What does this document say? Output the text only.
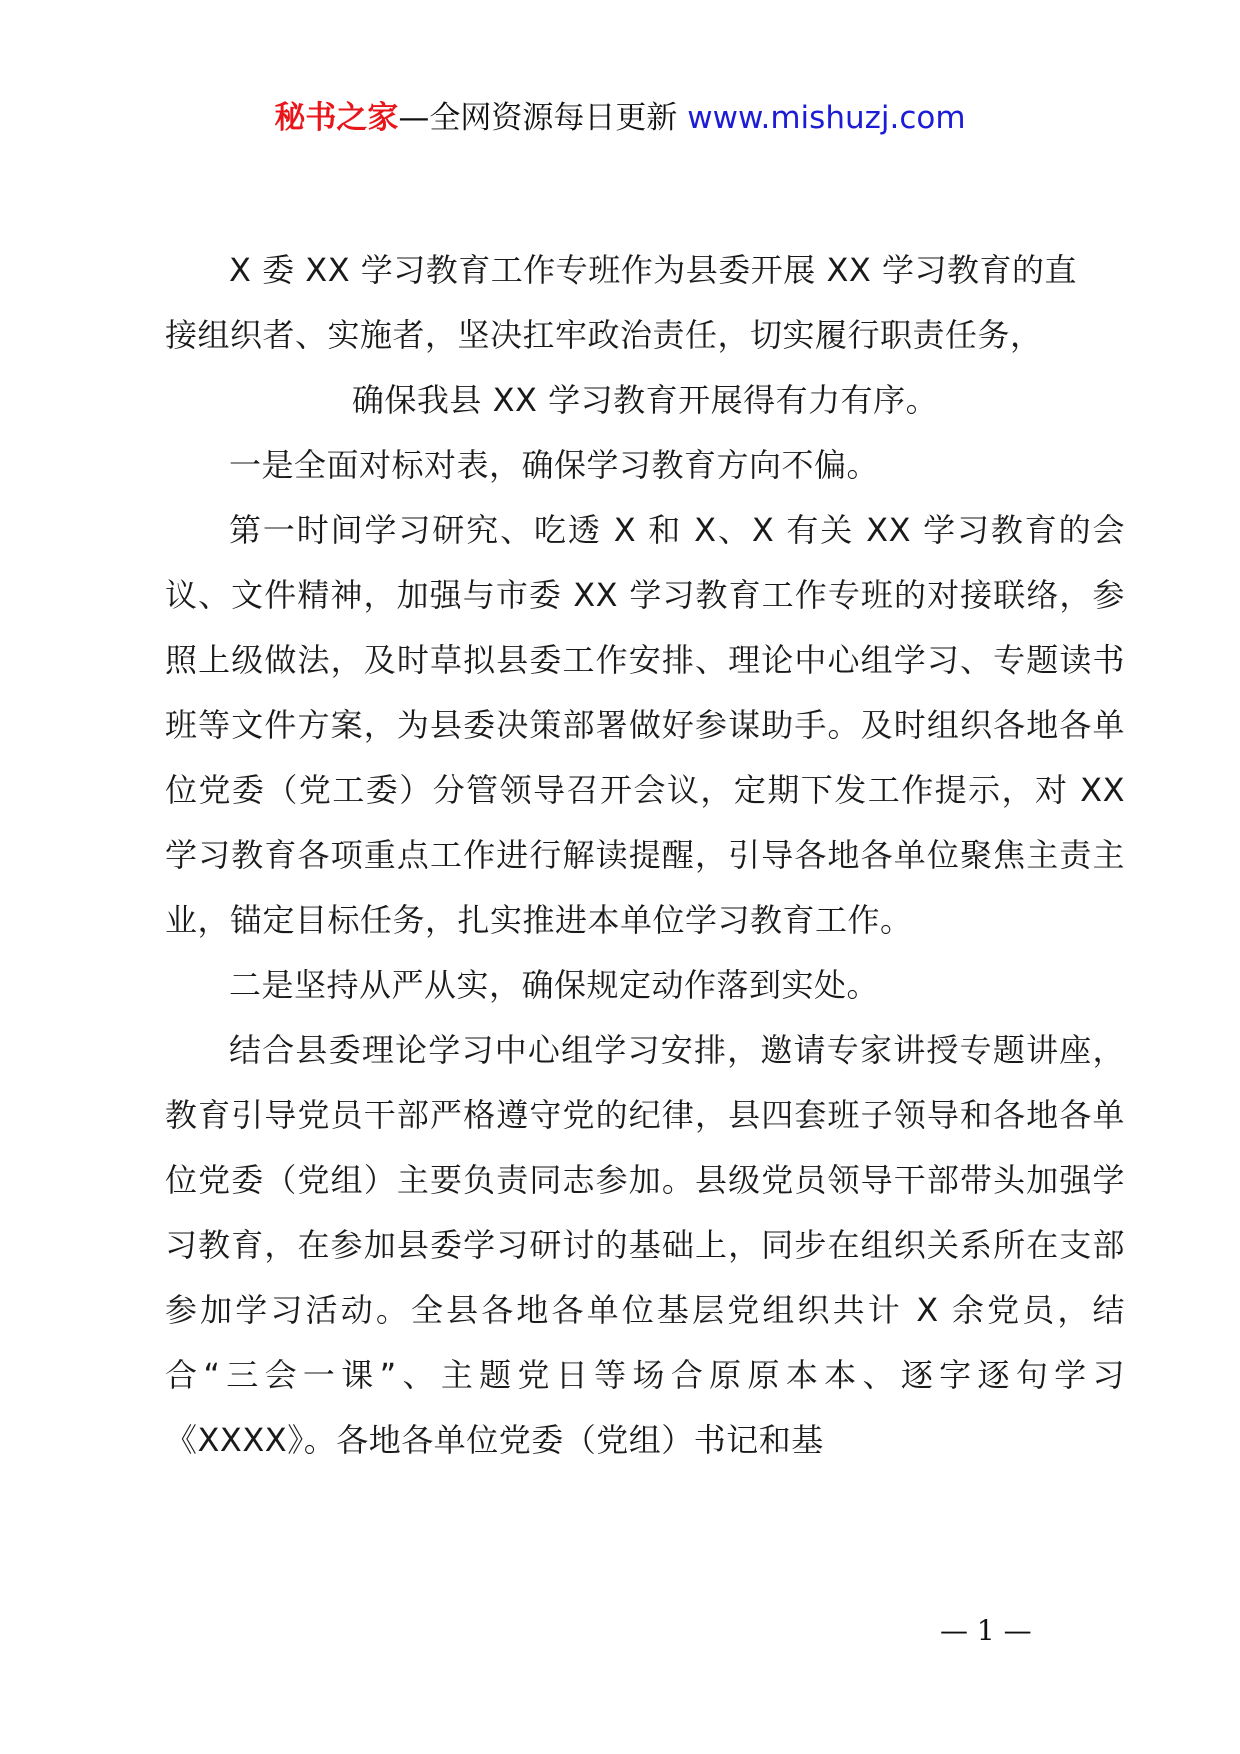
秘书之家—全网资源每日更新 www.mishuzj.com

X 委 XX 学习教育工作专班作为县委开展 XX 学习教育的直

接组织者、实施者，坚决扛牢政治责任，切实履行职责任务，

确保我县 XX 学习教育开展得有力有序。

一是全面对标对表，确保学习教育方向不偏。

第一时间学习研究、吃透 X 和 X、X 有关 XX 学习教育的会议、文件精神，加强与市委 XX 学习教育工作专班的对接联络，参照上级做法，及时草拟县委工作安排、理论中心组学习、专题读书班等文件方案，为县委决策部署做好参谋助手。及时组织各地各单位党委（党工委）分管领导召开会议，定期下发工作提示，对 XX 学习教育各项重点工作进行解读提醒，引导各地各单位聚焦主责主业，锚定目标任务，扎实推进本单位学习教育工作。

二是坚持从严从实，确保规定动作落到实处。

结合县委理论学习中心组学习安排，邀请专家讲授专题讲座，教育引导党员干部严格遵守党的纪律，县四套班子领导和各地各单位党委（党组）主要负责同志参加。县级党员领导干部带头加强学习教育，在参加县委学习研讨的基础上，同步在组织关系所在支部参加学习活动。全县各地各单位基层党组织共计 X 余党员，结合“三会一课”、主题党日等场合原原本本、逐字逐句学习《XXXX》。各地各单位党委（党组）书记和基

— 1 —
